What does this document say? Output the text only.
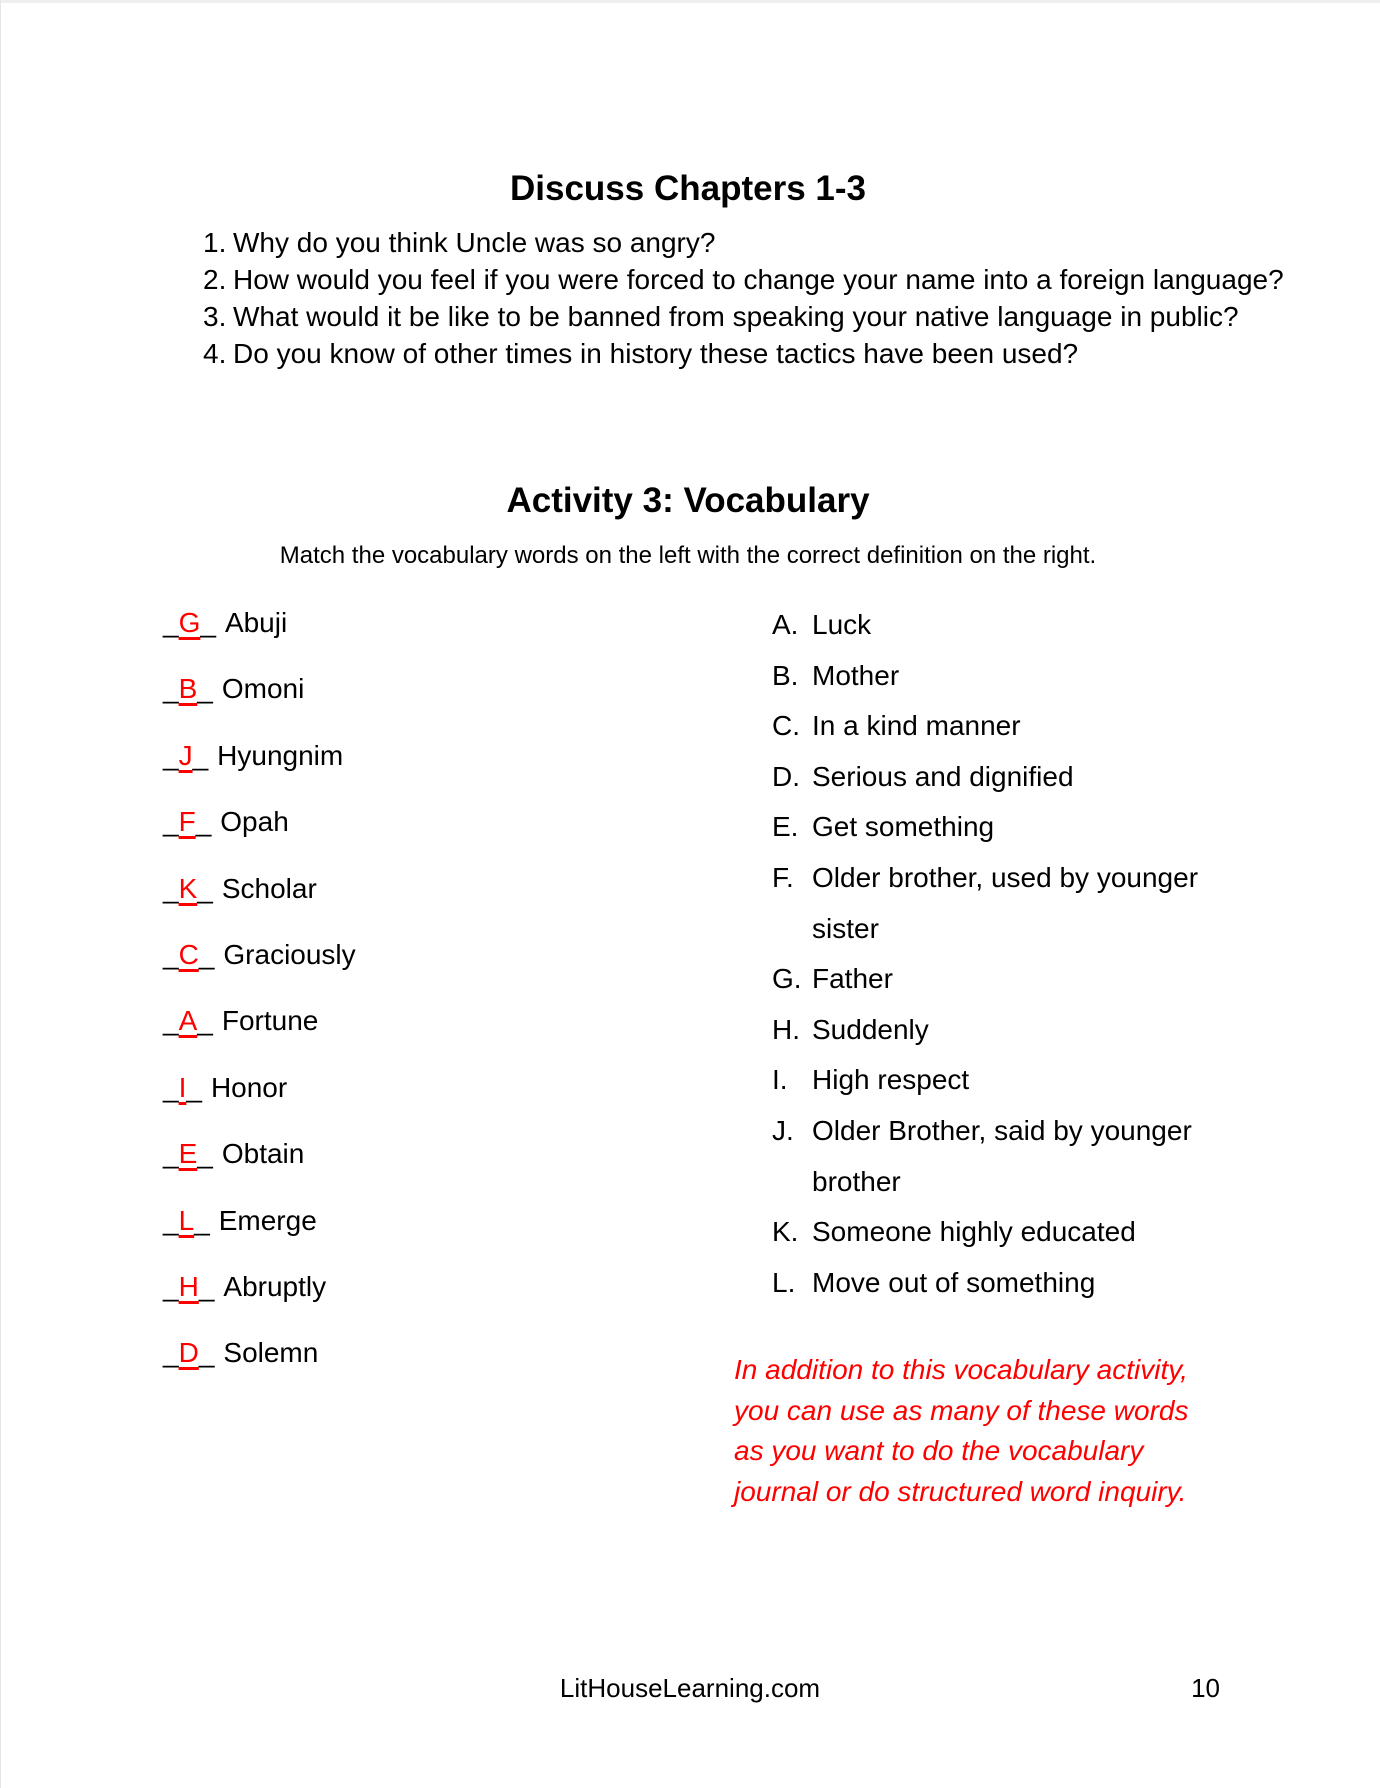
Discuss Chapters 1-3
1. Why do you think Uncle was so angry?
2. How would you feel if you were forced to change your name into a foreign language?
3. What would it be like to be banned from speaking your native language in public?
4. Do you know of other times in history these tactics have been used?
Activity 3: Vocabulary
Match the vocabulary words on the left with the correct definition on the right.
_G_ Abuji
_B_ Omoni
_J_ Hyungnim
_F_ Opah
_K_ Scholar
_C_ Graciously
_A_ Fortune
_I_ Honor
_E_ Obtain
_L_ Emerge
_H_ Abruptly
_D_ Solemn
A. Luck
B. Mother
C. In a kind manner
D. Serious and dignified
E. Get something
F. Older brother, used by younger sister
G. Father
H. Suddenly
I. High respect
J. Older Brother, said by younger brother
K. Someone highly educated
L. Move out of something
In addition to this vocabulary activity,
you can use as many of these words
as you want to do the vocabulary
journal or do structured word inquiry.
LitHouseLearning.com	10
